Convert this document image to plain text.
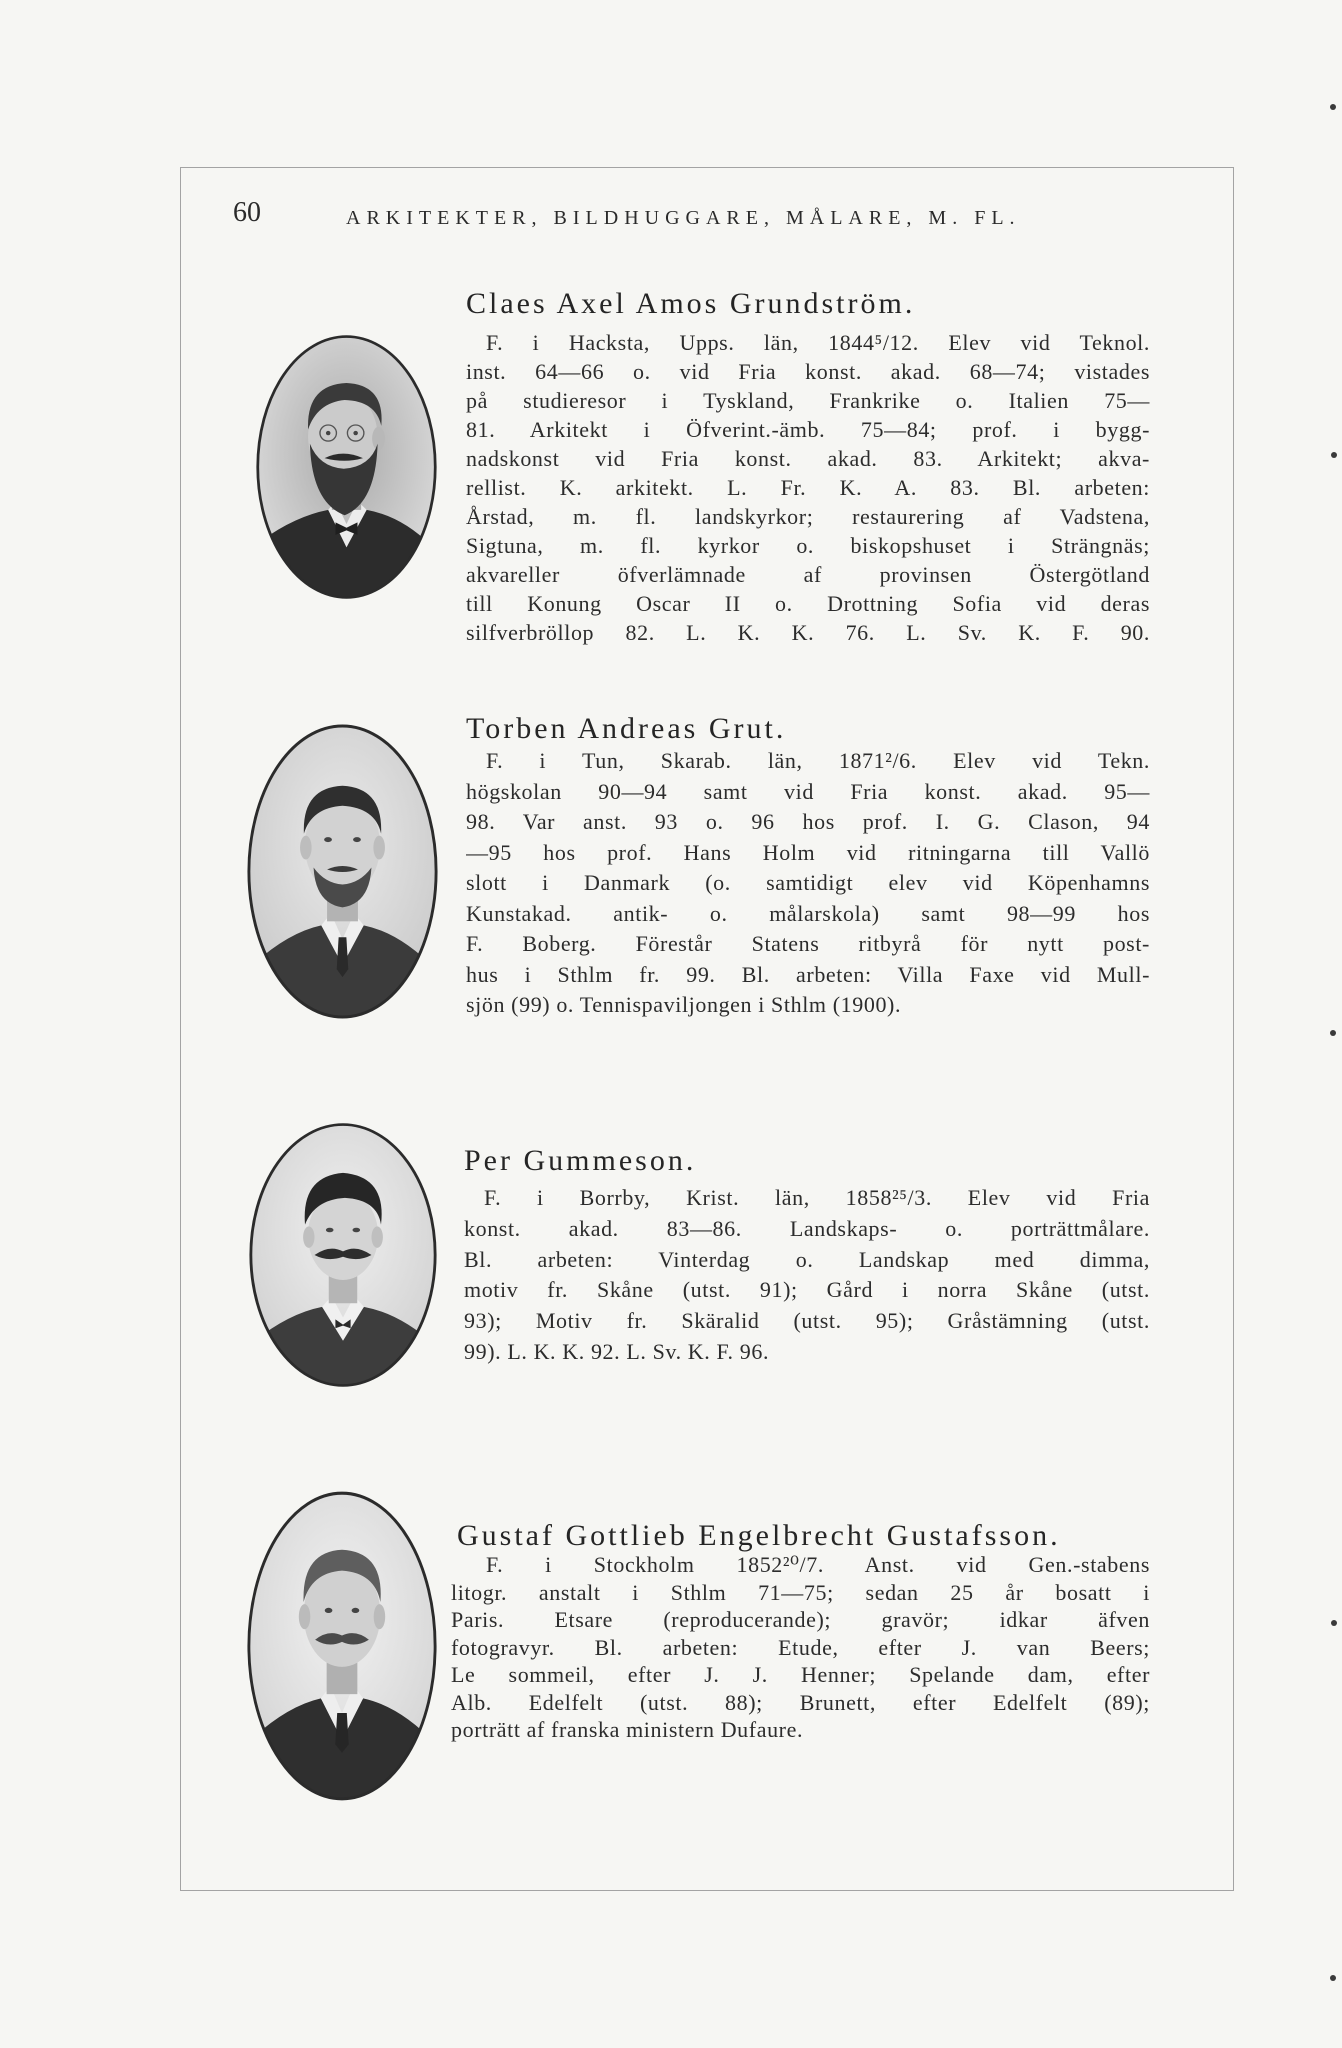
60	ARKITEKTER, BILDHUGGARE, MÅLARE, M. FL.
Claes Axel Amos Grundström.
F. i Hacksta, Upps. län, 1844⁵/12. Elev vid Teknol.
inst. 64—66 o. vid Fria konst. akad. 68—74; vistades
på studieresor i Tyskland, Frankrike o. Italien 75—
81. Arkitekt i Öfverint.-ämb. 75—84; prof. i bygg-
nadskonst vid Fria konst. akad. 83. Arkitekt; akva-
rellist. K. arkitekt. L. Fr. K. A. 83. Bl. arbeten:
Årstad, m. fl. landskyrkor; restaurering af Vadstena,
Sigtuna, m. fl. kyrkor o. biskopshuset i Strängnäs;
akvareller öfverlämnade af provinsen Östergötland
till Konung Oscar II o. Drottning Sofia vid deras
silfverbröllop 82. L. K. K. 76. L. Sv. K. F. 90.
Torben Andreas Grut.
F. i Tun, Skarab. län, 1871²/6. Elev vid Tekn.
högskolan 90—94 samt vid Fria konst. akad. 95—
98. Var anst. 93 o. 96 hos prof. I. G. Clason, 94
—95 hos prof. Hans Holm vid ritningarna till Vallö
slott i Danmark (o. samtidigt elev vid Köpenhamns
Kunstakad. antik- o. målarskola) samt 98—99 hos
F. Boberg. Förestår Statens ritbyrå för nytt post-
hus i Sthlm fr. 99. Bl. arbeten: Villa Faxe vid Mull-
sjön (99) o. Tennispaviljongen i Sthlm (1900).
Per Gummeson.
F. i Borrby, Krist. län, 1858²⁵/3. Elev vid Fria
konst. akad. 83—86. Landskaps- o. porträttmålare.
Bl. arbeten: Vinterdag o. Landskap med dimma,
motiv fr. Skåne (utst. 91); Gård i norra Skåne (utst.
93); Motiv fr. Skäralid (utst. 95); Gråstämning (utst.
99). L. K. K. 92. L. Sv. K. F. 96.
Gustaf Gottlieb Engelbrecht Gustafsson.
F. i Stockholm 1852²⁰/7. Anst. vid Gen.-stabens
litogr. anstalt i Sthlm 71—75; sedan 25 år bosatt i
Paris. Etsare (reproducerande); gravör; idkar äfven
fotogravyr. Bl. arbeten: Etude, efter J. van Beers;
Le sommeil, efter J. J. Henner; Spelande dam, efter
Alb. Edelfelt (utst. 88); Brunett, efter Edelfelt (89);
porträtt af franska ministern Dufaure.
